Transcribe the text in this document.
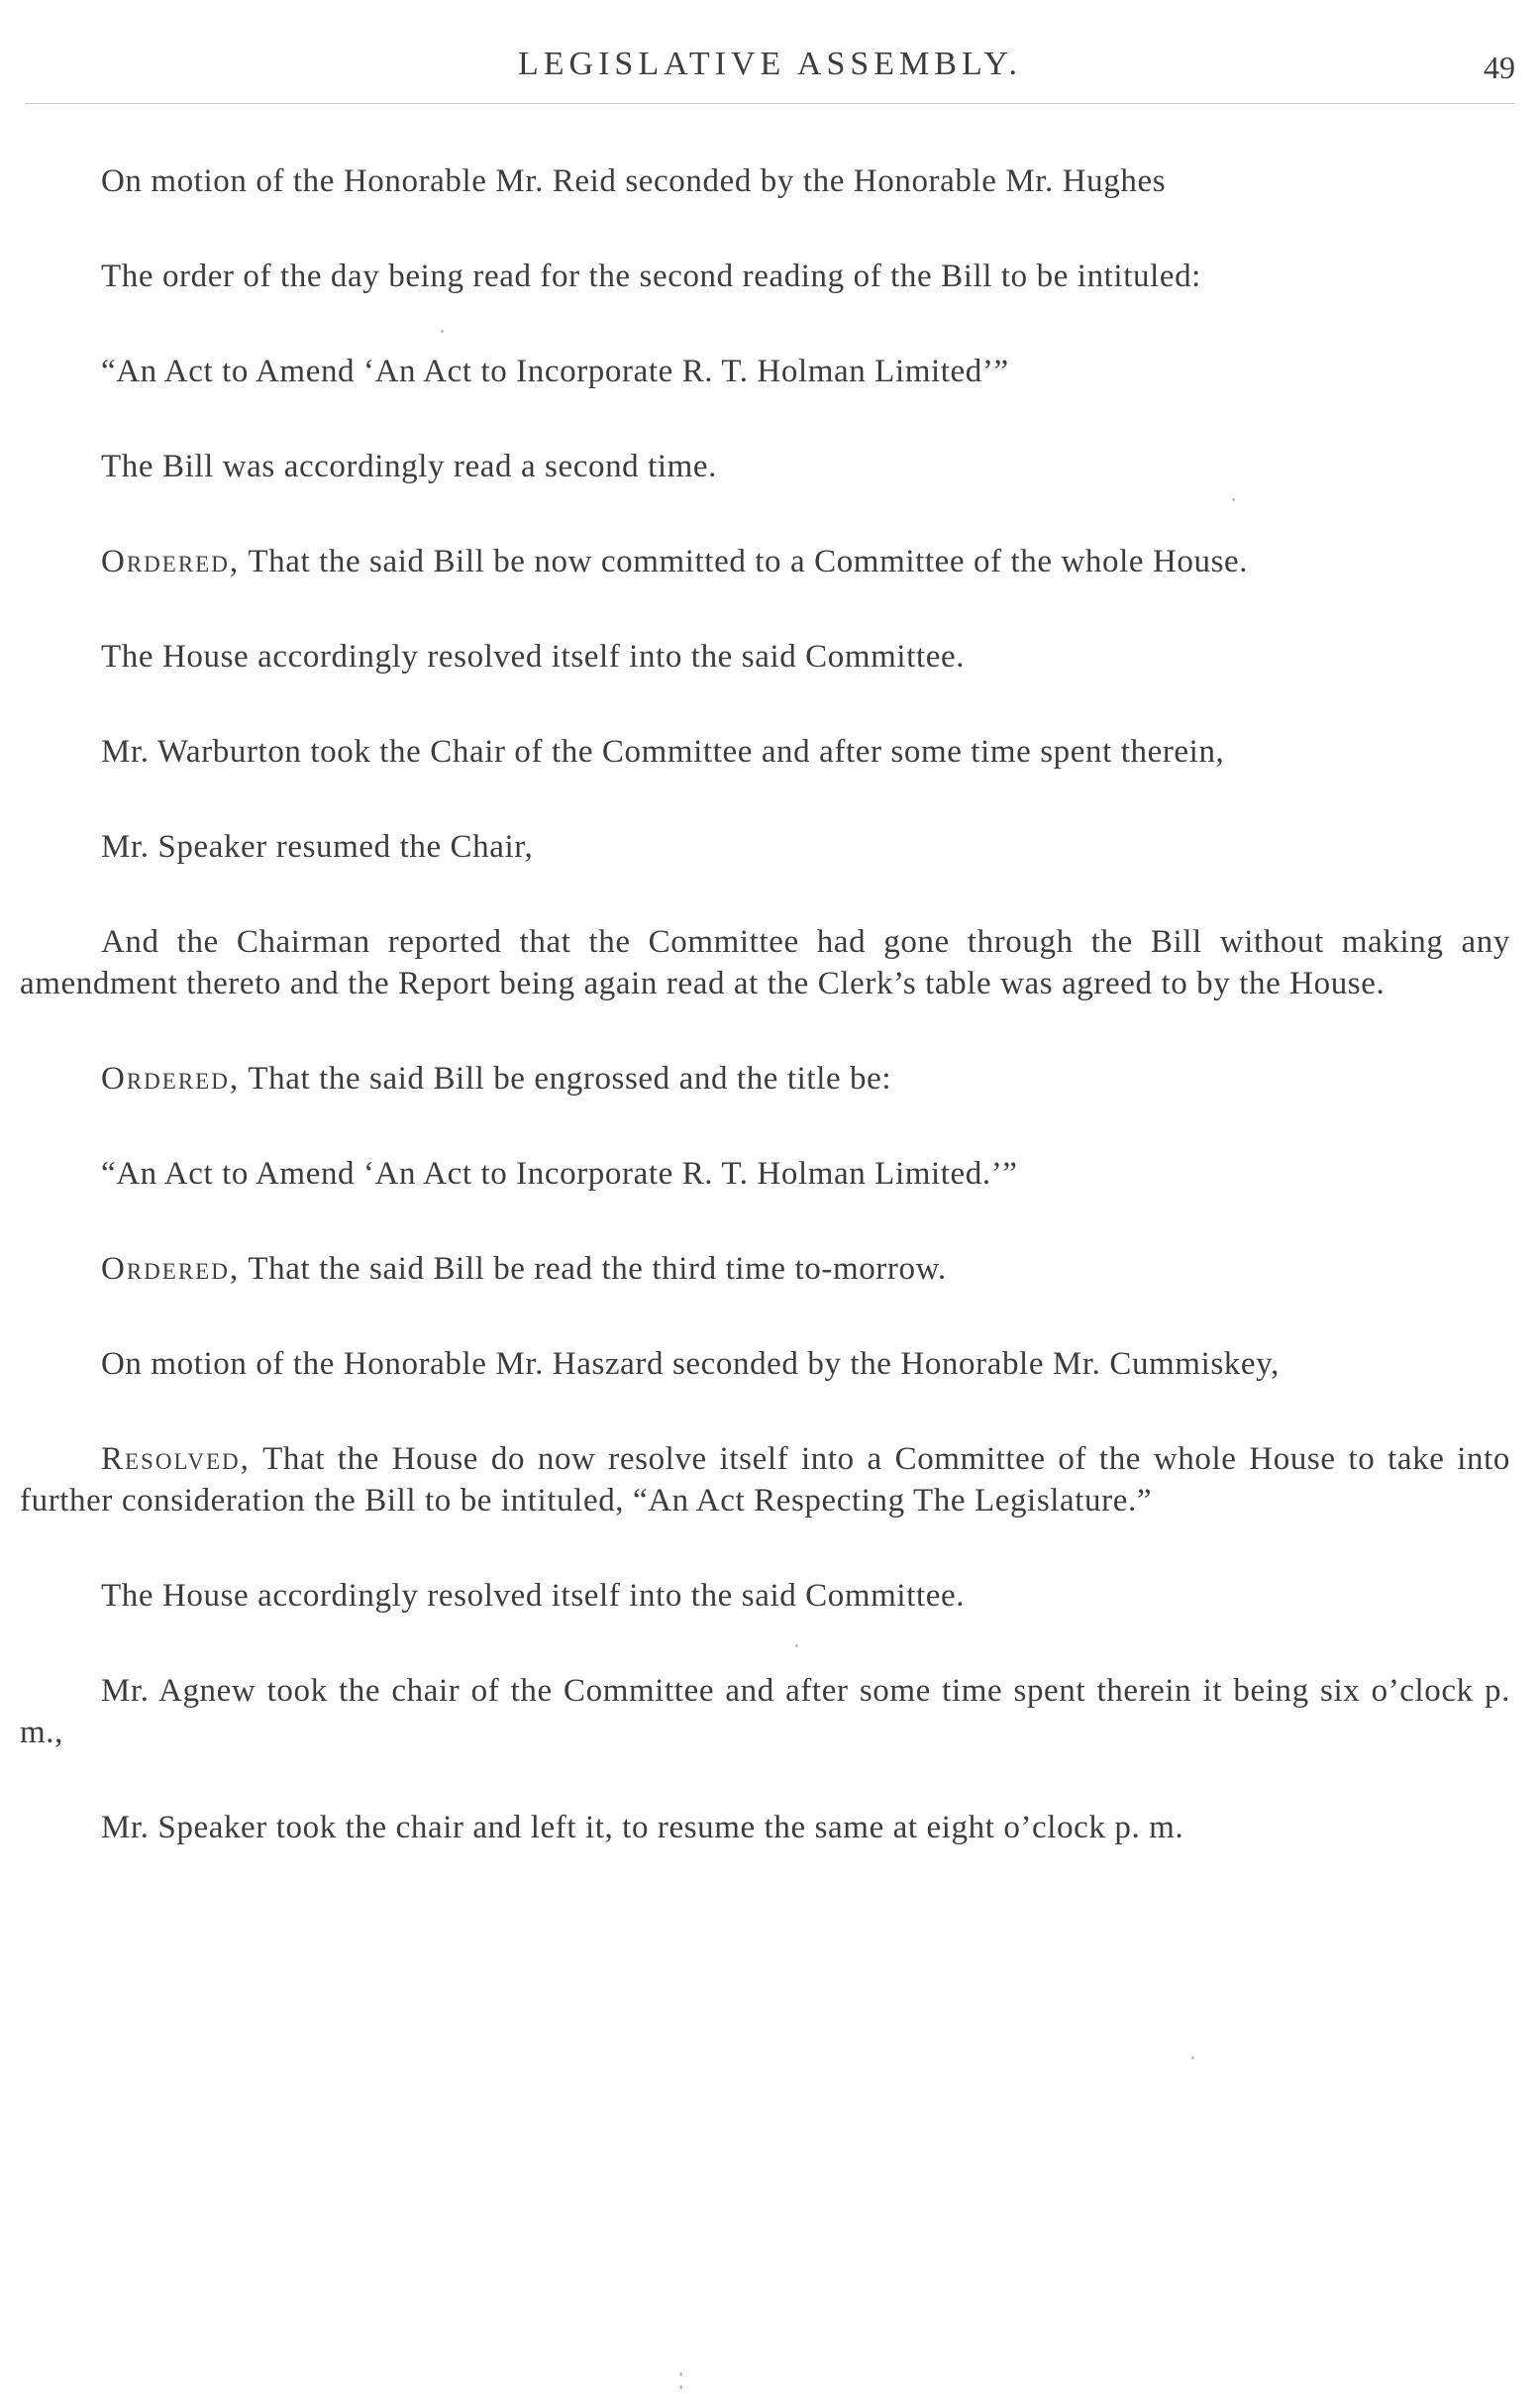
LEGISLATIVE ASSEMBLY.	49

On motion of the Honorable Mr. Reid seconded by the Honorable Mr. Hughes

The order of the day being read for the second reading of the Bill to be intituled:

“An Act to Amend ‘An Act to Incorporate R. T. Holman Limited’”

The Bill was accordingly read a second time.

Ordered, That the said Bill be now committed to a Committee of the whole House.

The House accordingly resolved itself into the said Committee.

Mr. Warburton took the Chair of the Committee and after some time spent therein,

Mr. Speaker resumed the Chair,

And the Chairman reported that the Committee had gone through the Bill without making any amendment thereto and the Report being again read at the Clerk’s table was agreed to by the House.

Ordered, That the said Bill be engrossed and the title be:

“An Act to Amend ‘An Act to Incorporate R. T. Holman Limited.’”

Ordered, That the said Bill be read the third time to-morrow.

On motion of the Honorable Mr. Haszard seconded by the Honorable Mr. Cummiskey,

Resolved, That the House do now resolve itself into a Committee of the whole House to take into further consideration the Bill to be intituled, “An Act Respecting The Legislature.”

The House accordingly resolved itself into the said Committee.

Mr. Agnew took the chair of the Committee and after some time spent therein it being six o’clock p. m.,

Mr. Speaker took the chair and left it, to resume the same at eight o’clock p. m.
